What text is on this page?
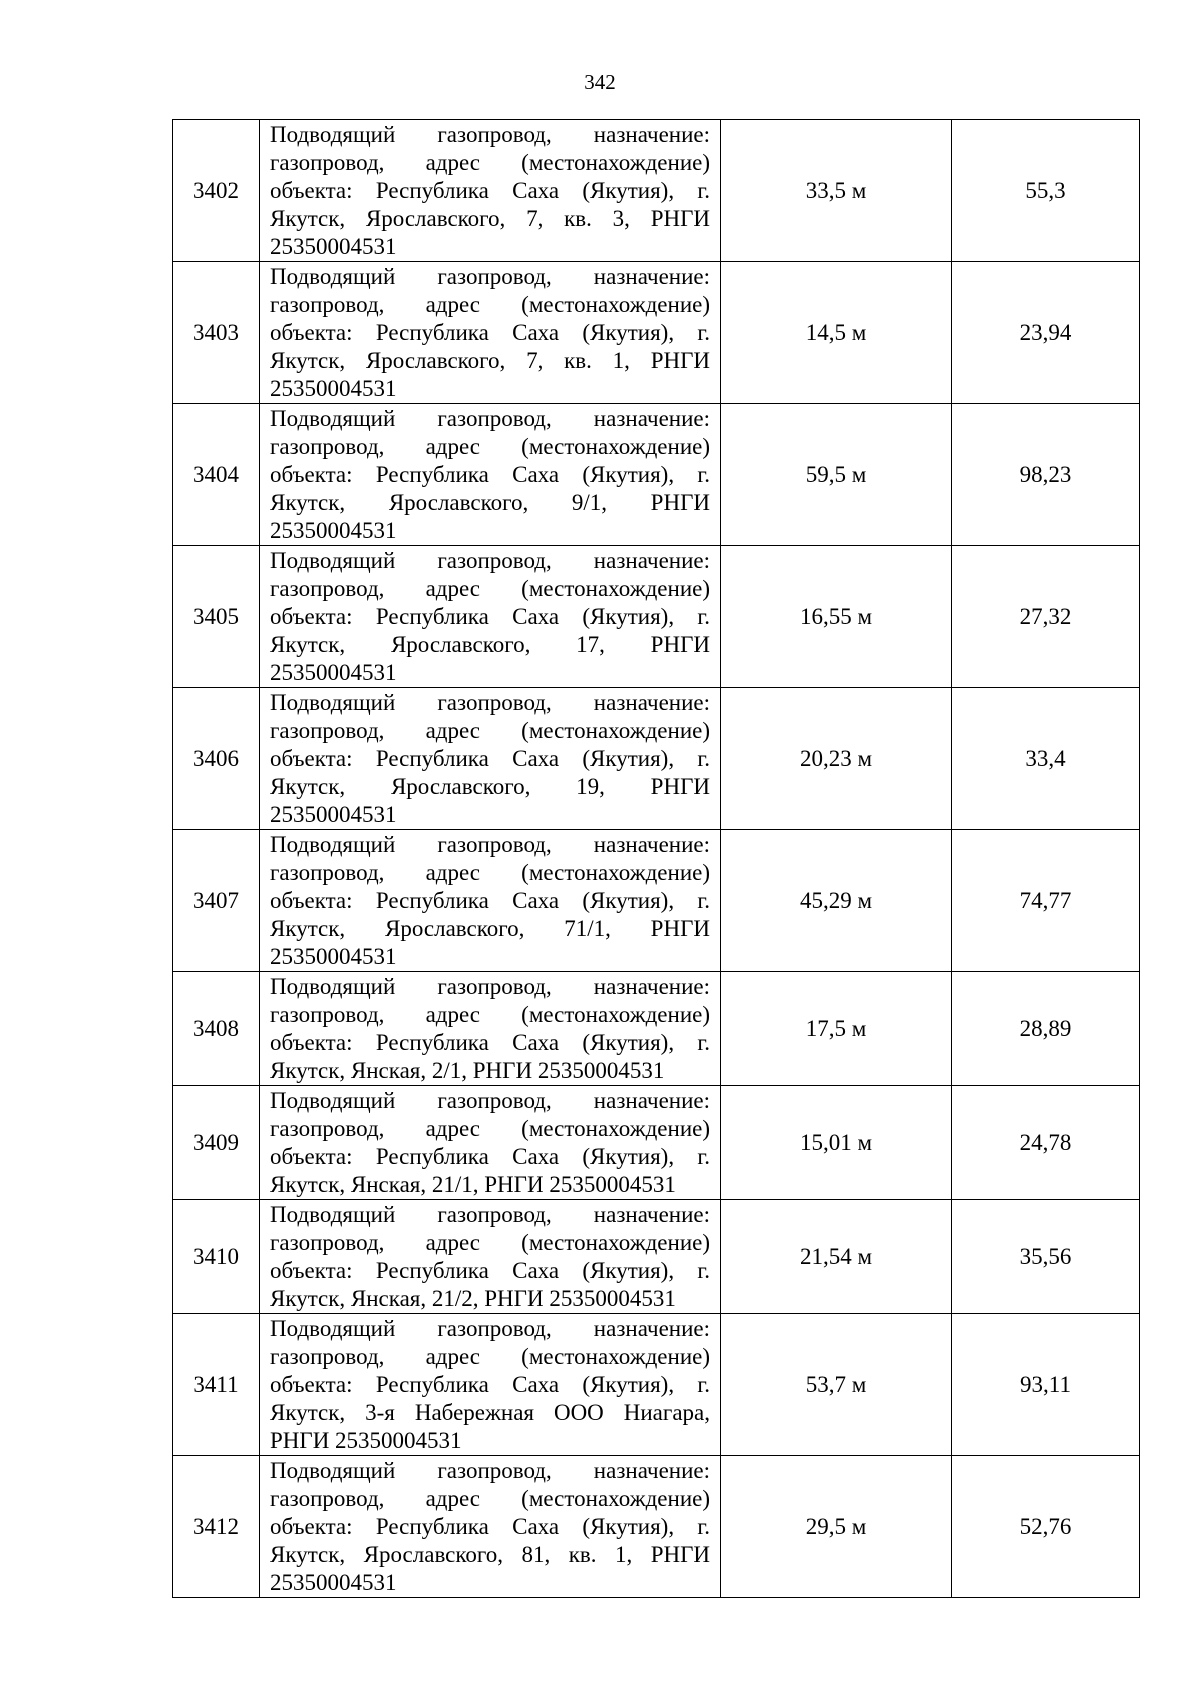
342
3402	Подводящий газопровод, назначение: газопровод, адрес (местонахождение) объекта: Республика Саха (Якутия), г. Якутск, Ярославского, 7, кв. 3, РНГИ 25350004531	33,5 м	55,3
3403	Подводящий газопровод, назначение: газопровод, адрес (местонахождение) объекта: Республика Саха (Якутия), г. Якутск, Ярославского, 7, кв. 1, РНГИ 25350004531	14,5 м	23,94
3404	Подводящий газопровод, назначение: газопровод, адрес (местонахождение) объекта: Республика Саха (Якутия), г. Якутск, Ярославского, 9/1, РНГИ 25350004531	59,5 м	98,23
3405	Подводящий газопровод, назначение: газопровод, адрес (местонахождение) объекта: Республика Саха (Якутия), г. Якутск, Ярославского, 17, РНГИ 25350004531	16,55 м	27,32
3406	Подводящий газопровод, назначение: газопровод, адрес (местонахождение) объекта: Республика Саха (Якутия), г. Якутск, Ярославского, 19, РНГИ 25350004531	20,23 м	33,4
3407	Подводящий газопровод, назначение: газопровод, адрес (местонахождение) объекта: Республика Саха (Якутия), г. Якутск, Ярославского, 71/1, РНГИ 25350004531	45,29 м	74,77
3408	Подводящий газопровод, назначение: газопровод, адрес (местонахождение) объекта: Республика Саха (Якутия), г. Якутск, Янская, 2/1, РНГИ 25350004531	17,5 м	28,89
3409	Подводящий газопровод, назначение: газопровод, адрес (местонахождение) объекта: Республика Саха (Якутия), г. Якутск, Янская, 21/1, РНГИ 25350004531	15,01 м	24,78
3410	Подводящий газопровод, назначение: газопровод, адрес (местонахождение) объекта: Республика Саха (Якутия), г. Якутск, Янская, 21/2, РНГИ 25350004531	21,54 м	35,56
3411	Подводящий газопровод, назначение: газопровод, адрес (местонахождение) объекта: Республика Саха (Якутия), г. Якутск, 3-я Набережная ООО Ниагара, РНГИ 25350004531	53,7 м	93,11
3412	Подводящий газопровод, назначение: газопровод, адрес (местонахождение) объекта: Республика Саха (Якутия), г. Якутск, Ярославского, 81, кв. 1, РНГИ 25350004531	29,5 м	52,76
